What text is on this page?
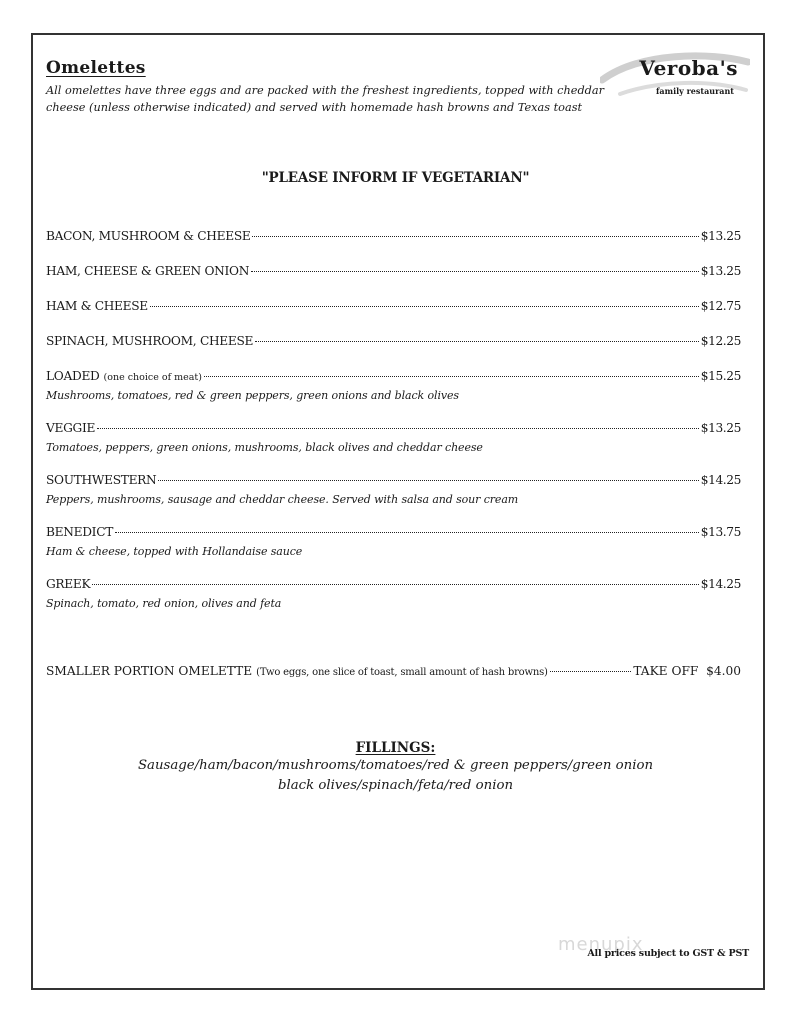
Omelettes
All omelettes have three eggs and are packed with the freshest ingredients, topped with cheddar
cheese (unless otherwise indicated) and served with homemade hash browns and Texas toast
Veroba's
family restaurant
"PLEASE INFORM IF VEGETARIAN"
BACON, MUSHROOM & CHEESE	$13.25
HAM, CHEESE & GREEN ONION	$13.25
HAM & CHEESE	$12.75
SPINACH, MUSHROOM, CHEESE	$12.25
LOADED (one choice of meat)	$15.25
Mushrooms, tomatoes, red & green peppers, green onions and black olives
VEGGIE	$13.25
Tomatoes, peppers, green onions, mushrooms, black olives and cheddar cheese
SOUTHWESTERN	$14.25
Peppers, mushrooms, sausage and cheddar cheese. Served with salsa and sour cream
BENEDICT	$13.75
Ham & cheese, topped with Hollandaise sauce
GREEK	$14.25
Spinach, tomato, red onion, olives and feta
SMALLER PORTION OMELETTE (Two eggs, one slice of toast, small amount of hash browns)	TAKE OFF  $4.00
FILLINGS:
Sausage/ham/bacon/mushrooms/tomatoes/red & green peppers/green onion
black olives/spinach/feta/red onion
menupix
All prices subject to GST & PST
